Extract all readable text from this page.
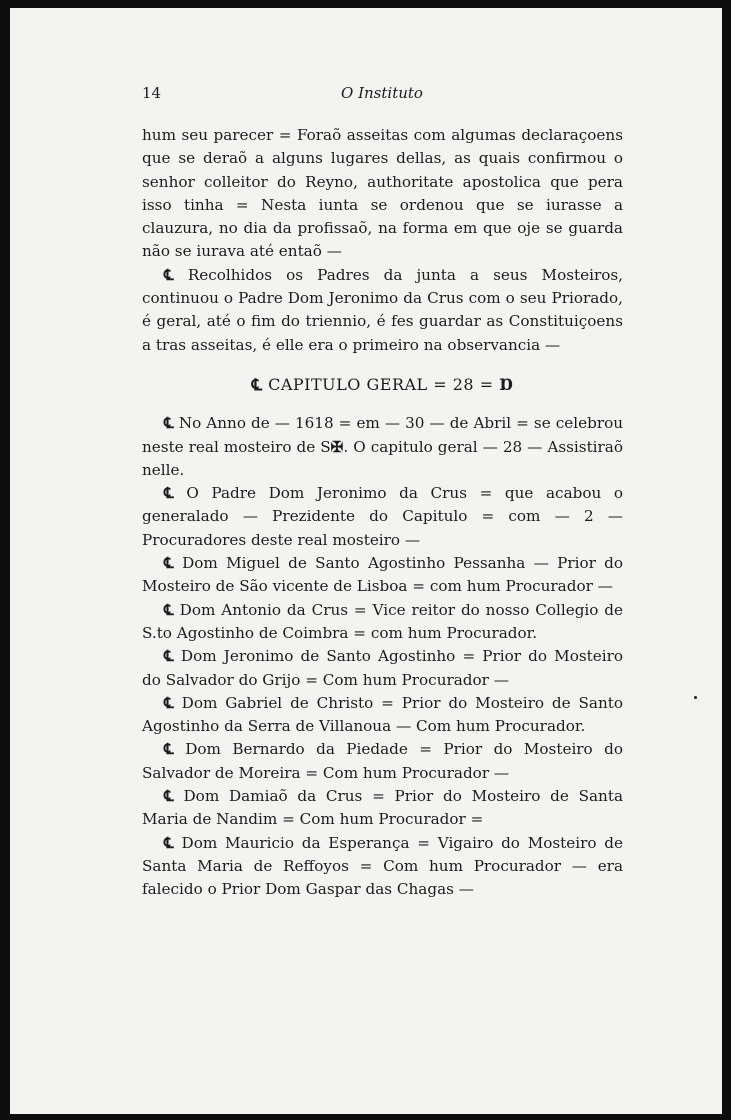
14	O Instituto

hum seu parecer = Foraõ asseitas com algumas declaraçoens que se deraõ a alguns lugares dellas, as quais confirmou o senhor colleitor do Reyno, authoritate apostolica que pera isso tinha = Nesta iunta se ordenou que se iurasse a clauzura, no dia da profissaõ, na forma em que oje se guarda não se iurava até entaõ —

℄ Recolhidos os Padres da junta a seus Mosteiros, continuou o Padre Dom Jeronimo da Crus com o seu Priorado, é geral, até o fim do triennio, é fes guardar as Constituiçoens a tras asseitas, é elle era o primeiro na observancia —

℄ CAPITULO GERAL = 28 = Ɒ

℄ No Anno de — 1618 = em — 30 — de Abril = se celebrou neste real mosteiro de S✠. O capitulo geral — 28 — Assistiraõ nelle.

℄ O Padre Dom Jeronimo da Crus = que acabou o generalado — Prezidente do Capitulo = com — 2 — Procuradores deste real mosteiro —

℄ Dom Miguel de Santo Agostinho Pessanha — Prior do Mosteiro de São vicente de Lisboa = com hum Procurador —

℄ Dom Antonio da Crus = Vice reitor do nosso Collegio de S.to Agostinho de Coimbra = com hum Procurador.

℄ Dom Jeronimo de Santo Agostinho = Prior do Mosteiro do Salvador do Grijo = Com hum Procurador —

℄ Dom Gabriel de Christo = Prior do Mosteiro de Santo Agostinho da Serra de Villanoua — Com hum Procurador.

℄ Dom Bernardo da Piedade = Prior do Mosteiro do Salvador de Moreira = Com hum Procurador —

℄ Dom Damiaõ da Crus = Prior do Mosteiro de Santa Maria de Nandim = Com hum Procurador =

℄ Dom Mauricio da Esperança = Vigairo do Mosteiro de Santa Maria de Reffoyos = Com hum Procurador — era falecido o Prior Dom Gaspar das Chagas —
